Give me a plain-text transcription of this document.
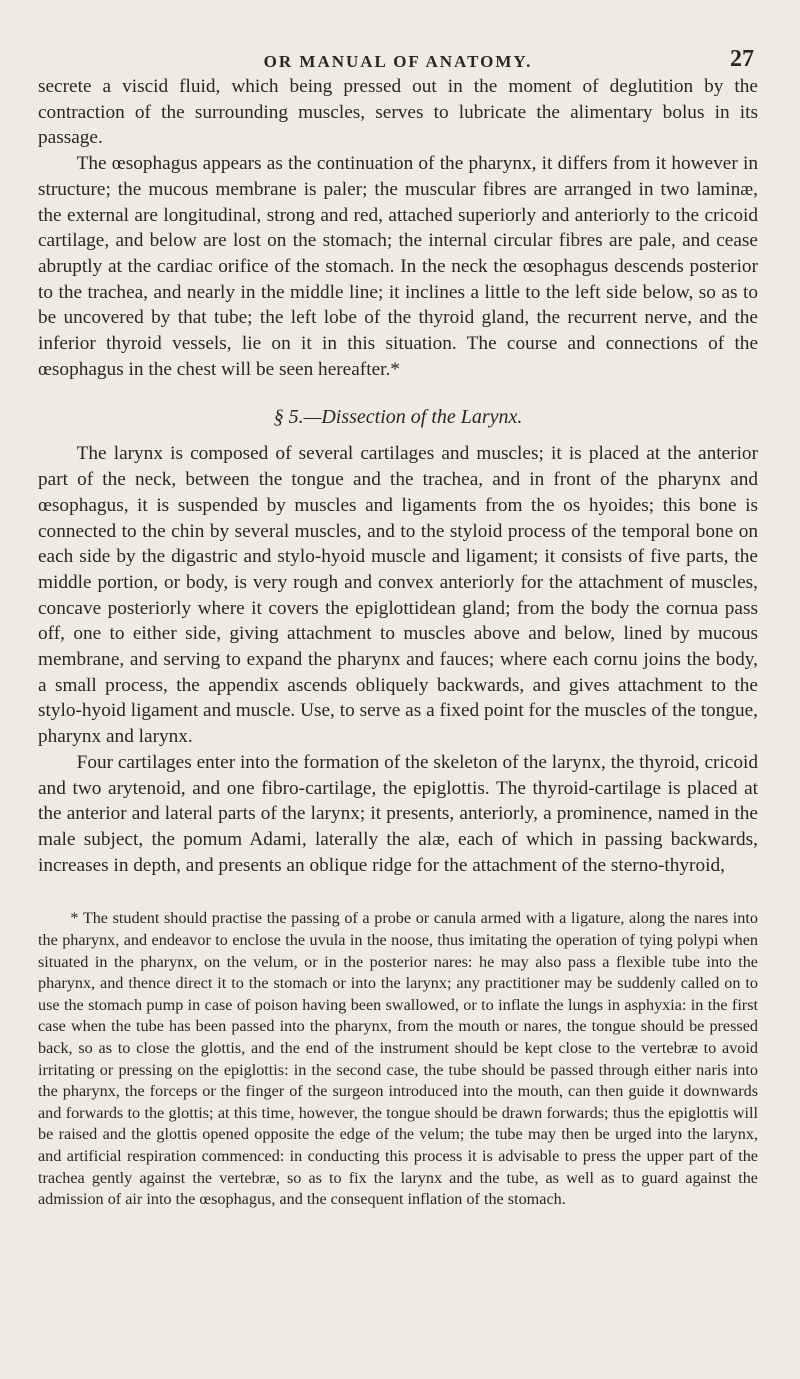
OR MANUAL OF ANATOMY.	27

secrete a viscid fluid, which being pressed out in the moment of deglutition by the contraction of the surrounding muscles, serves to lubricate the alimentary bolus in its passage.

The œsophagus appears as the continuation of the pharynx, it differs from it however in structure; the mucous membrane is paler; the muscular fibres are arranged in two laminæ, the external are longitudinal, strong and red, attached superiorly and anteriorly to the cricoid cartilage, and below are lost on the stomach; the internal circular fibres are pale, and cease abruptly at the cardiac orifice of the stomach. In the neck the œsophagus descends posterior to the trachea, and nearly in the middle line; it inclines a little to the left side below, so as to be uncovered by that tube; the left lobe of the thyroid gland, the recurrent nerve, and the inferior thyroid vessels, lie on it in this situation. The course and connections of the œsophagus in the chest will be seen hereafter.*

§ 5.—Dissection of the Larynx.

The larynx is composed of several cartilages and muscles; it is placed at the anterior part of the neck, between the tongue and the trachea, and in front of the pharynx and œsophagus, it is suspended by muscles and ligaments from the os hyoides; this bone is connected to the chin by several muscles, and to the styloid process of the temporal bone on each side by the digastric and stylo-hyoid muscle and ligament; it consists of five parts, the middle portion, or body, is very rough and convex anteriorly for the attachment of muscles, concave posteriorly where it covers the epiglottidean gland; from the body the cornua pass off, one to either side, giving attachment to muscles above and below, lined by mucous membrane, and serving to expand the pharynx and fauces; where each cornu joins the body, a small process, the appendix ascends obliquely backwards, and gives attachment to the stylo-hyoid ligament and muscle. Use, to serve as a fixed point for the muscles of the tongue, pharynx and larynx.

Four cartilages enter into the formation of the skeleton of the larynx, the thyroid, cricoid and two arytenoid, and one fibro-cartilage, the epiglottis. The thyroid-cartilage is placed at the anterior and lateral parts of the larynx; it presents, anteriorly, a prominence, named in the male subject, the pomum Adami, laterally the alæ, each of which in passing backwards, increases in depth, and presents an oblique ridge for the attachment of the sterno-thyroid,

* The student should practise the passing of a probe or canula armed with a ligature, along the nares into the pharynx, and endeavor to enclose the uvula in the noose, thus imitating the operation of tying polypi when situated in the pharynx, on the velum, or in the posterior nares: he may also pass a flexible tube into the pharynx, and thence direct it to the stomach or into the larynx; any practitioner may be suddenly called on to use the stomach pump in case of poison having been swallowed, or to inflate the lungs in asphyxia: in the first case when the tube has been passed into the pharynx, from the mouth or nares, the tongue should be pressed back, so as to close the glottis, and the end of the instrument should be kept close to the vertebræ to avoid irritating or pressing on the epiglottis: in the second case, the tube should be passed through either naris into the pharynx, the forceps or the finger of the surgeon introduced into the mouth, can then guide it downwards and forwards to the glottis; at this time, however, the tongue should be drawn forwards; thus the epiglottis will be raised and the glottis opened opposite the edge of the velum; the tube may then be urged into the larynx, and artificial respiration commenced: in conducting this process it is advisable to press the upper part of the trachea gently against the vertebræ, so as to fix the larynx and the tube, as well as to guard against the admission of air into the œsophagus, and the consequent inflation of the stomach.
